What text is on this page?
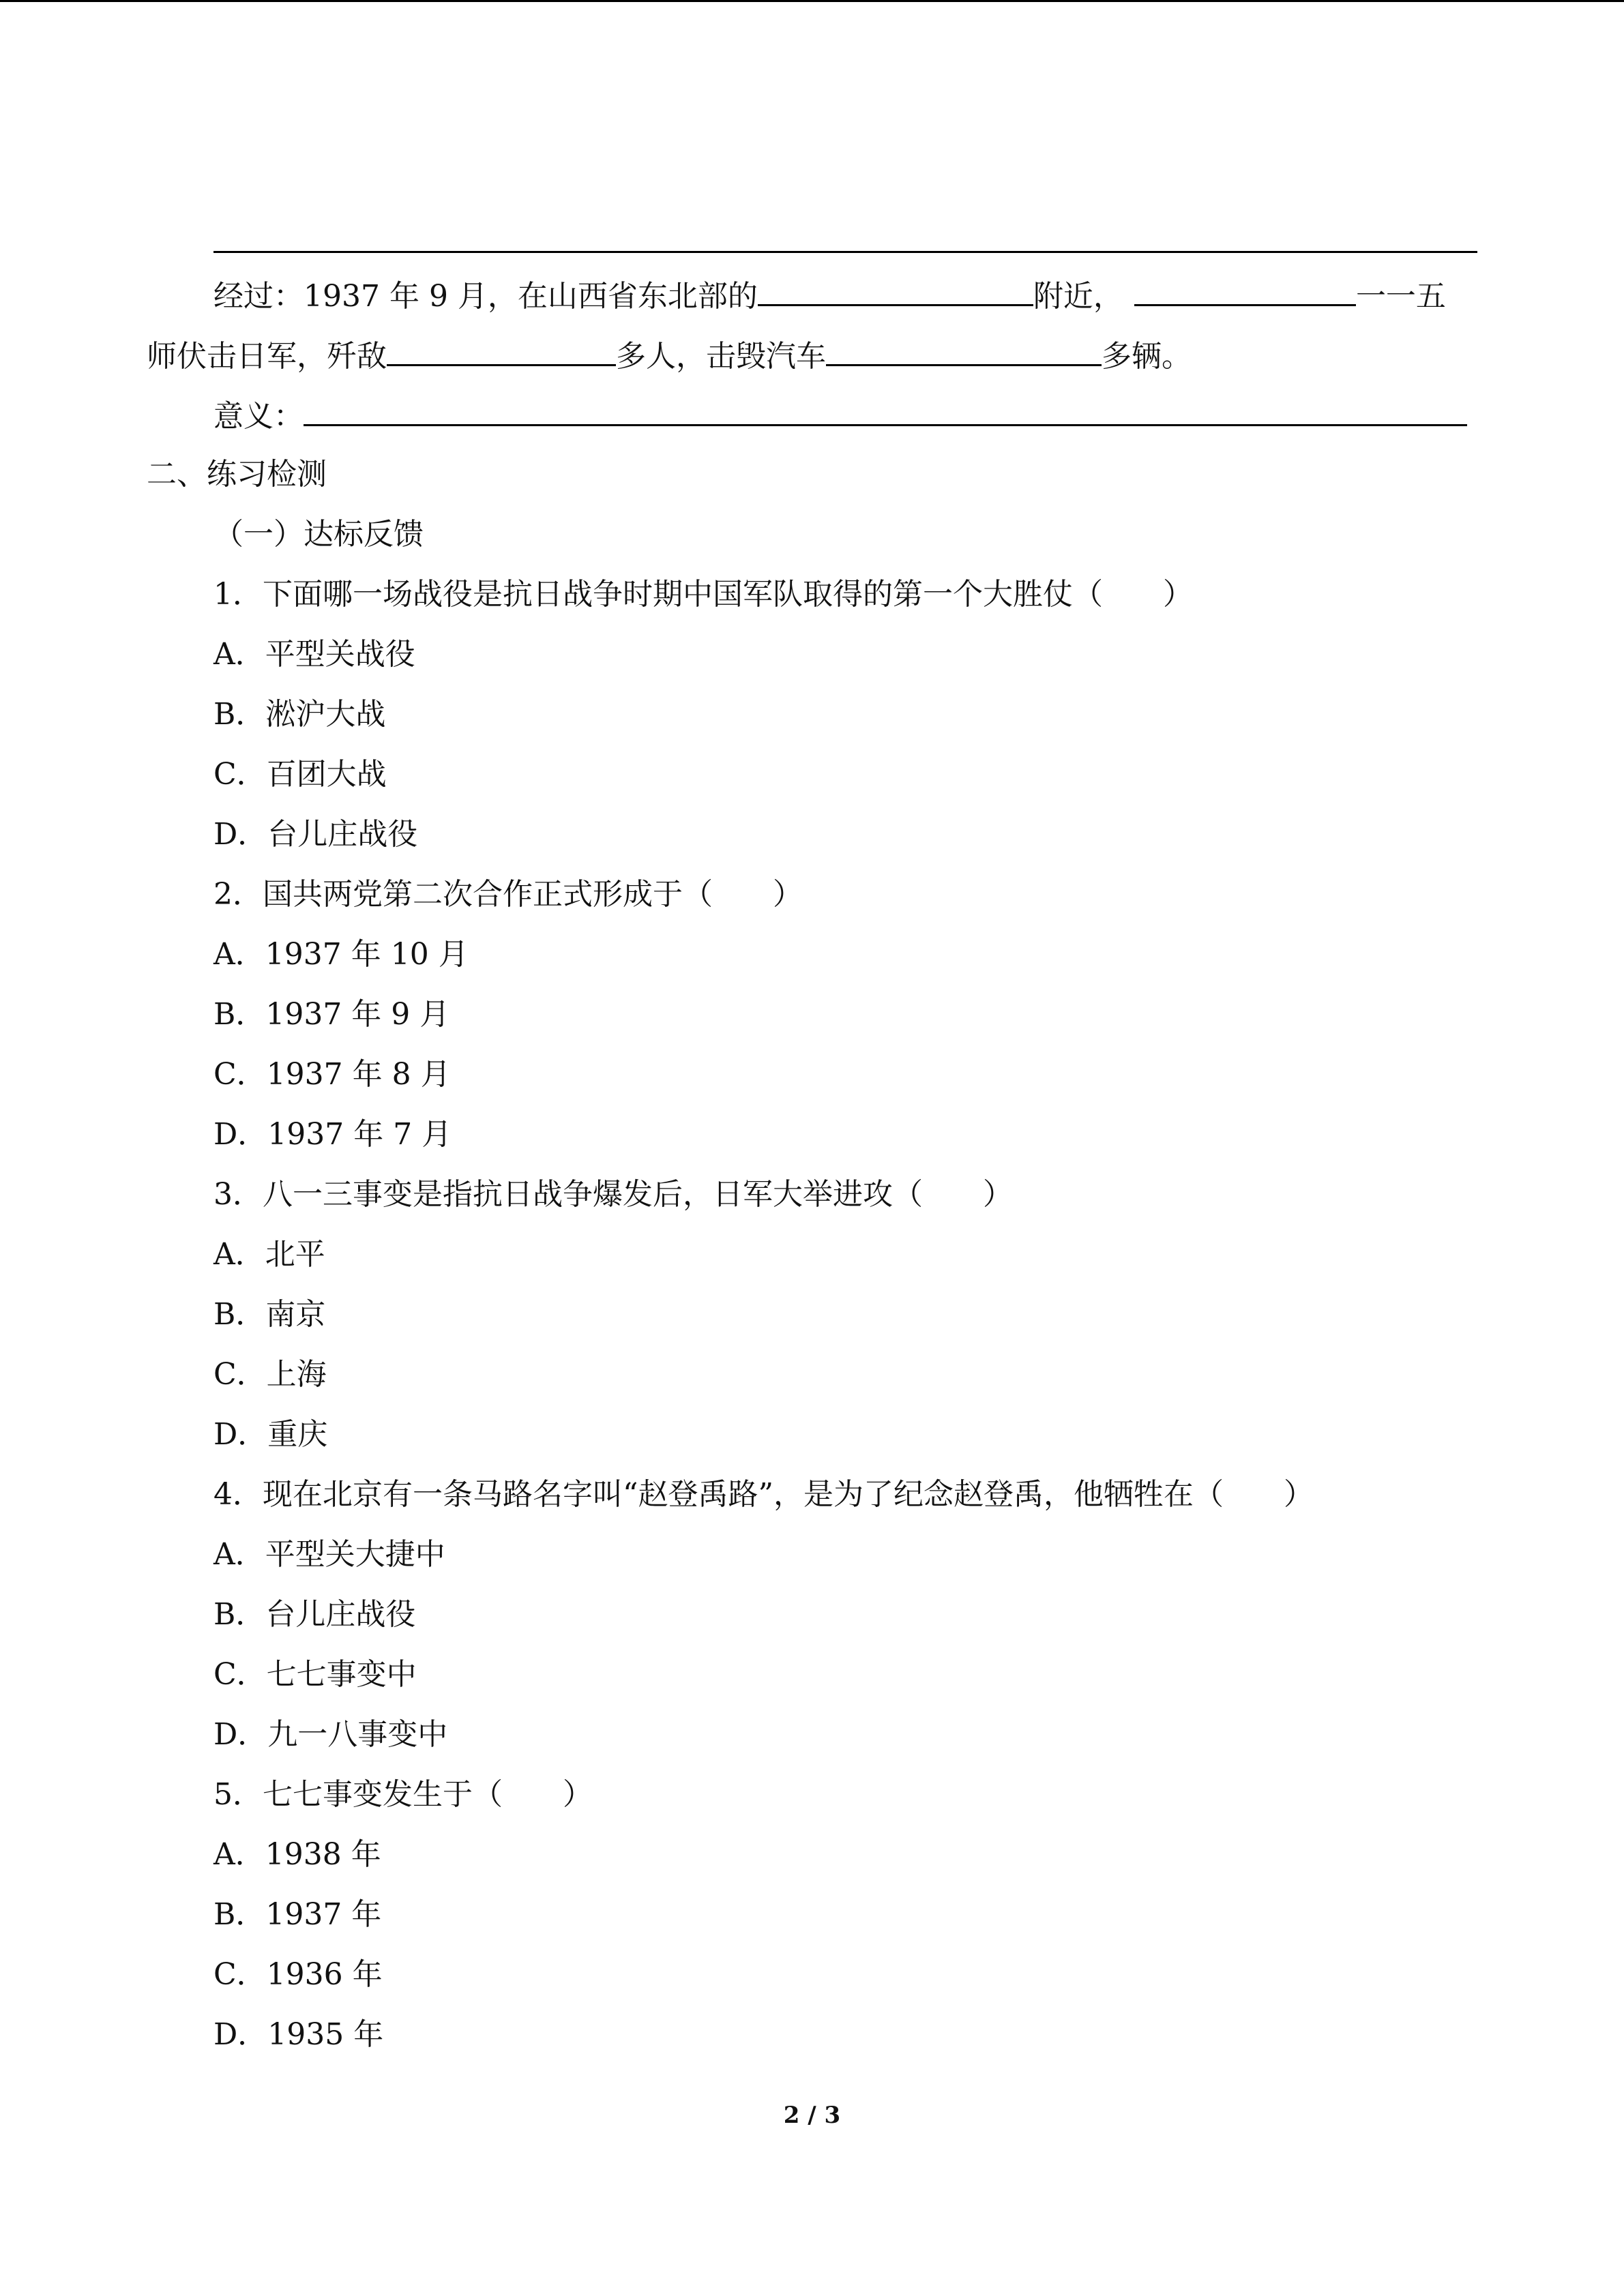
经过：1937 年 9 月，在山西省东北部的	附近，	一一五
师伏击日军，歼敌	多人，击毁汽车	多辆。
意义：
二、练习检测
（一）达标反馈
1．下面哪一场战役是抗日战争时期中国军队取得的第一个大胜仗（　　）
A．平型关战役
B．淞沪大战
C．百团大战
D．台儿庄战役
2．国共两党第二次合作正式形成于（　　）
A．1937 年 10 月
B．1937 年 9 月
C．1937 年 8 月
D．1937 年 7 月
3．八一三事变是指抗日战争爆发后，日军大举进攻（　　）
A．北平
B．南京
C．上海
D．重庆
4．现在北京有一条马路名字叫“赵登禹路”，是为了纪念赵登禹，他牺牲在（　　）
A．平型关大捷中
B．台儿庄战役
C．七七事变中
D．九一八事变中
5．七七事变发生于（　　）
A．1938 年
B．1937 年
C．1936 年
D．1935 年
2 / 3
